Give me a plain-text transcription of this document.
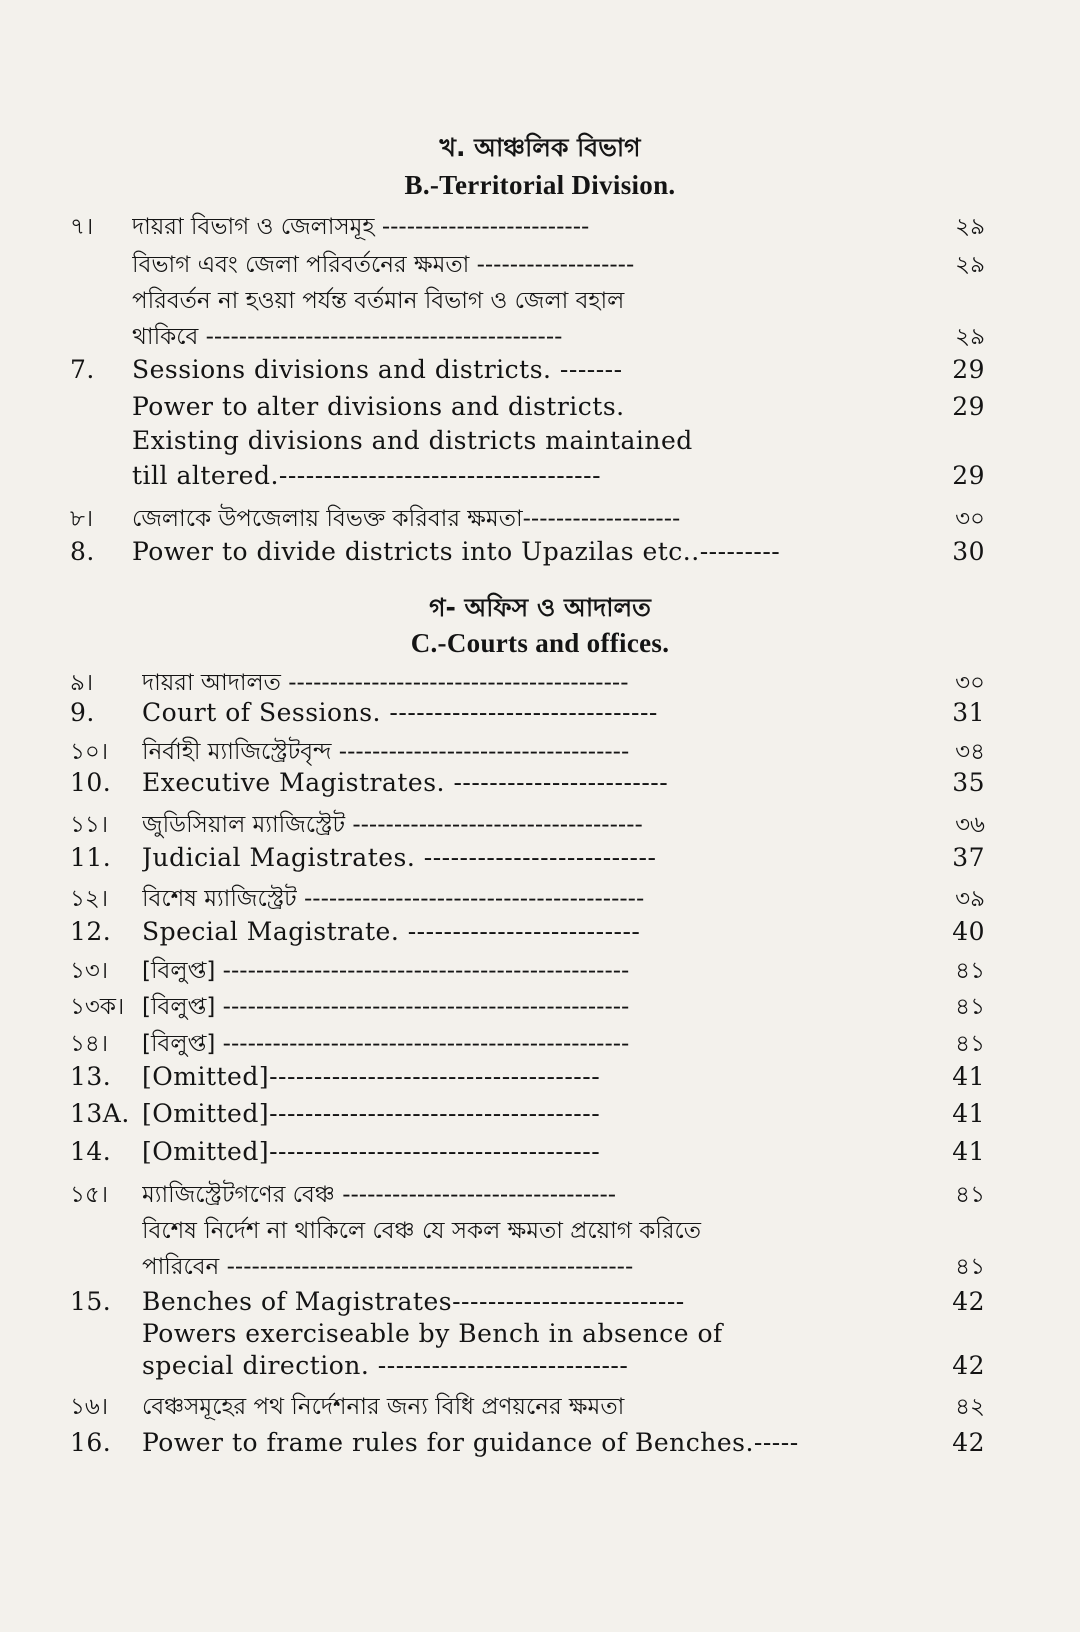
খ. আঞ্চলিক বিভাগ
B.-Territorial Division.
গ- অফিস ও আদালত
C.-Courts and offices.
৭। দায়রা বিভাগ ও জেলাসমূহ -------------------------	২৯
বিভাগ এবং জেলা পরিবর্তনের ক্ষমতা -------------------	২৯
পরিবর্তন না হওয়া পর্যন্ত বর্তমান বিভাগ ও জেলা বহাল
থাকিবে -------------------------------------------	২৯
7. Sessions divisions and districts. -------	29
Power to alter divisions and districts.	29
Existing divisions and districts maintained
till altered.------------------------------------	29
৮। জেলাকে উপজেলায় বিভক্ত করিবার ক্ষমতা-------------------	৩০
8. Power to divide districts into Upazilas etc..---------	30
৯। দায়রা আদালত -----------------------------------------	৩০
9. Court of Sessions. ------------------------------	31
১০। নির্বাহী ম্যাজিস্ট্রেটবৃন্দ -----------------------------------	৩৪
10. Executive Magistrates. ------------------------	35
১১। জুডিসিয়াল ম্যাজিস্ট্রেট -----------------------------------	৩৬
11. Judicial Magistrates. --------------------------	37
১২। বিশেষ ম্যাজিস্ট্রেট -----------------------------------------	৩৯
12. Special Magistrate. --------------------------	40
১৩। [বিলুপ্ত] -------------------------------------------------	৪১
১৩ক। [বিলুপ্ত] -------------------------------------------------	৪১
১৪। [বিলুপ্ত] -------------------------------------------------	৪১
13. [Omitted]-------------------------------------	41
13A. [Omitted]-------------------------------------	41
14. [Omitted]-------------------------------------	41
১৫। ম্যাজিস্ট্রেটগণের বেঞ্চ ---------------------------------	৪১
বিশেষ নির্দেশ না থাকিলে বেঞ্চ যে সকল ক্ষমতা প্রয়োগ করিতে
পারিবেন -------------------------------------------------	৪১
15. Benches of Magistrates--------------------------	42
Powers exerciseable by Bench in absence of
special direction. ----------------------------	42
১৬। বেঞ্চসমূহের পথ নির্দেশনার জন্য বিধি প্রণয়নের ক্ষমতা	৪২
16. Power to frame rules for guidance of Benches.-----	42
